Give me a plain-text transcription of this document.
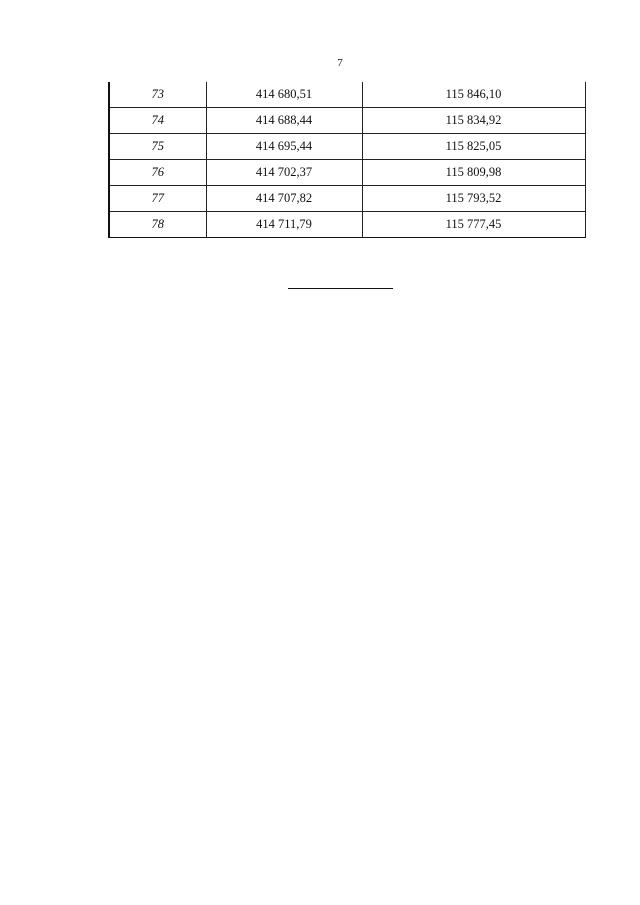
7
73	414 680,51	115 846,10
74	414 688,44	115 834,92
75	414 695,44	115 825,05
76	414 702,37	115 809,98
77	414 707,82	115 793,52
78	414 711,79	115 777,45
